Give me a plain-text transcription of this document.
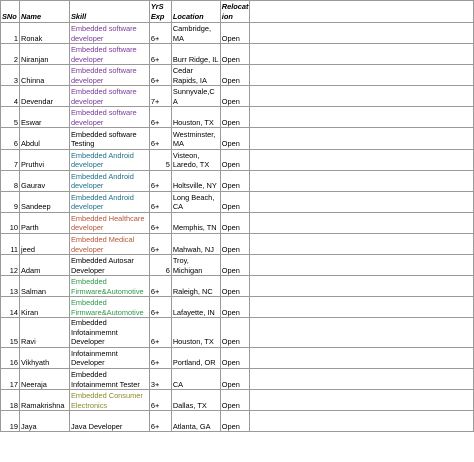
SNo	Name	Skill	YrS Exp	Location	Relocat ion	
1	Ronak	Embedded software developer	6+	Cambridge, MA	Open	
2	Niranjan	Embedded software developer	6+	Burr Ridge, IL	Open	
3	Chinna	Embedded software developer	6+	Cedar Rapids, IA	Open	
4	Devendar	Embedded software developer	7+	Sunnyvale,C A	Open	
5	Eswar	Embedded software developer	6+	Houston, TX	Open	
6	Abdul	Embedded software Testing	6+	Westminster, MA	Open	
7	Pruthvi	Embedded Android developer	5	Visteon, Laredo, TX	Open	
8	Gaurav	Embedded Android developer	6+	Holtsville, NY	Open	
9	Sandeep	Embedded Android developer	6+	Long Beach, CA	Open	
10	Parth	Embedded Healthcare developer	6+	Memphis, TN	Open	
11	jeed	Embedded Medical developer	6+	Mahwah, NJ	Open	
12	Adam	Embedded Autosar Developer	6	Troy, Michigan	Open	
13	Salman	Embedded Firmware&Automotive	6+	Raleigh, NC	Open	
14	Kiran	Embedded Firmware&Automotive	6+	Lafayette, IN	Open	
15	Ravi	Embedded Infotainmemnt Developer	6+	Houston, TX	Open	
16	Vikhyath	Infotainmemnt Developer	6+	Portland, OR	Open	
17	Neeraja	Embedded Infotainmemnt Tester	3+	CA	Open	
18	Ramakrishna	Embedded Consumer Electronics	6+	Dallas, TX	Open	
19	Jaya	Java Developer	6+	Atlanta, GA	Open	
